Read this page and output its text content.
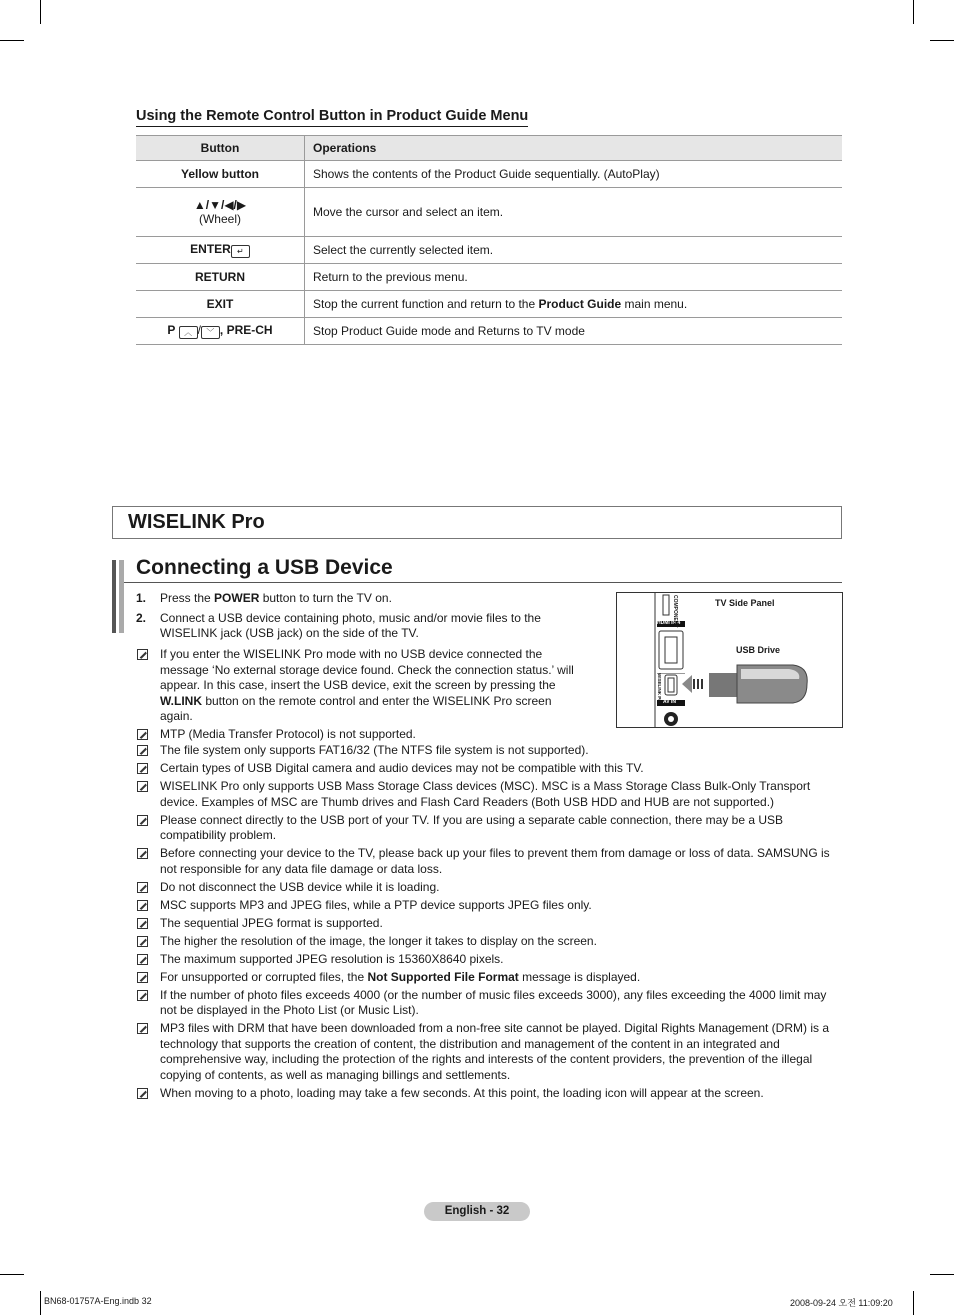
Using the Remote Control Button in Product Guide Menu
Button	Operations
Yellow button	Shows the contents of the Product Guide sequentially. (AutoPlay)

▲/▼/◀/▶
(Wheel)	Move the cursor and select an item.
ENTER ↵	Select the currently selected item.
RETURN	Return to the previous menu.
EXIT	Stop the current function and return to the Product Guide main menu.
P ︿ / ﹀ , PRE-CH	Stop Product Guide mode and Returns to TV mode
WISELINK Pro
Connecting a USB Device
1. Press the POWER button to turn the TV on.
2. Connect a USB device containing photo, music and/or movie files to the WISELINK jack (USB jack) on the side of the TV.
If you enter the WISELINK Pro mode with no USB device connected the message ‘No external storage device found. Check the connection status.’ will appear. In this case, insert the USB device, exit the screen by pressing the W.LINK button on the remote control and enter the WISELINK Pro screen again.
MTP (Media Transfer Protocol) is not supported.
The file system only supports FAT16/32 (The NTFS file system is not supported).
Certain types of USB Digital camera and audio devices may not be compatible with this TV.
WISELINK Pro only supports USB Mass Storage Class devices (MSC). MSC is a Mass Storage Class Bulk-Only Transport device. Examples of MSC are Thumb drives and Flash Card Readers (Both USB HDD and HUB are not supported.)
Please connect directly to the USB port of your TV. If you are using a separate cable connection, there may be a USB compatibility problem.
Before connecting your device to the TV, please back up your files to prevent them from damage or loss of data. SAMSUNG is not responsible for any data file damage or data loss.
Do not disconnect the USB device while it is loading.
MSC supports MP3 and JPEG files, while a PTP device supports JPEG files only.
The sequential JPEG format is supported.
The higher the resolution of the image, the longer it takes to display on the screen.
The maximum supported JPEG resolution is 15360X8640 pixels.
For unsupported or corrupted files, the Not Supported File Format message is displayed.
If the number of photo files exceeds 4000 (or the number of music files exceeds 3000), any files exceeding the 4000 limit may not be displayed in the Photo List (or Music List).
MP3 files with DRM that have been downloaded from a non-free site cannot be played. Digital Rights Management (DRM) is a technology that supports the creation of content, the distribution and management of the content in an integrated and comprehensive way, including the protection of the rights and interests of the content providers, the prevention of the illegal copying of contents, as well as managing billings and settlements.
When moving to a photo, loading may take a few seconds. At this point, the loading icon will appear at the screen.
TV Side Panel
USB Drive
HDMI IN 4
AV IN
COMPONENT
WISELINK Pro
English - 32
BN68-01757A-Eng.indb 32	2008-09-24 오전 11:09:20
